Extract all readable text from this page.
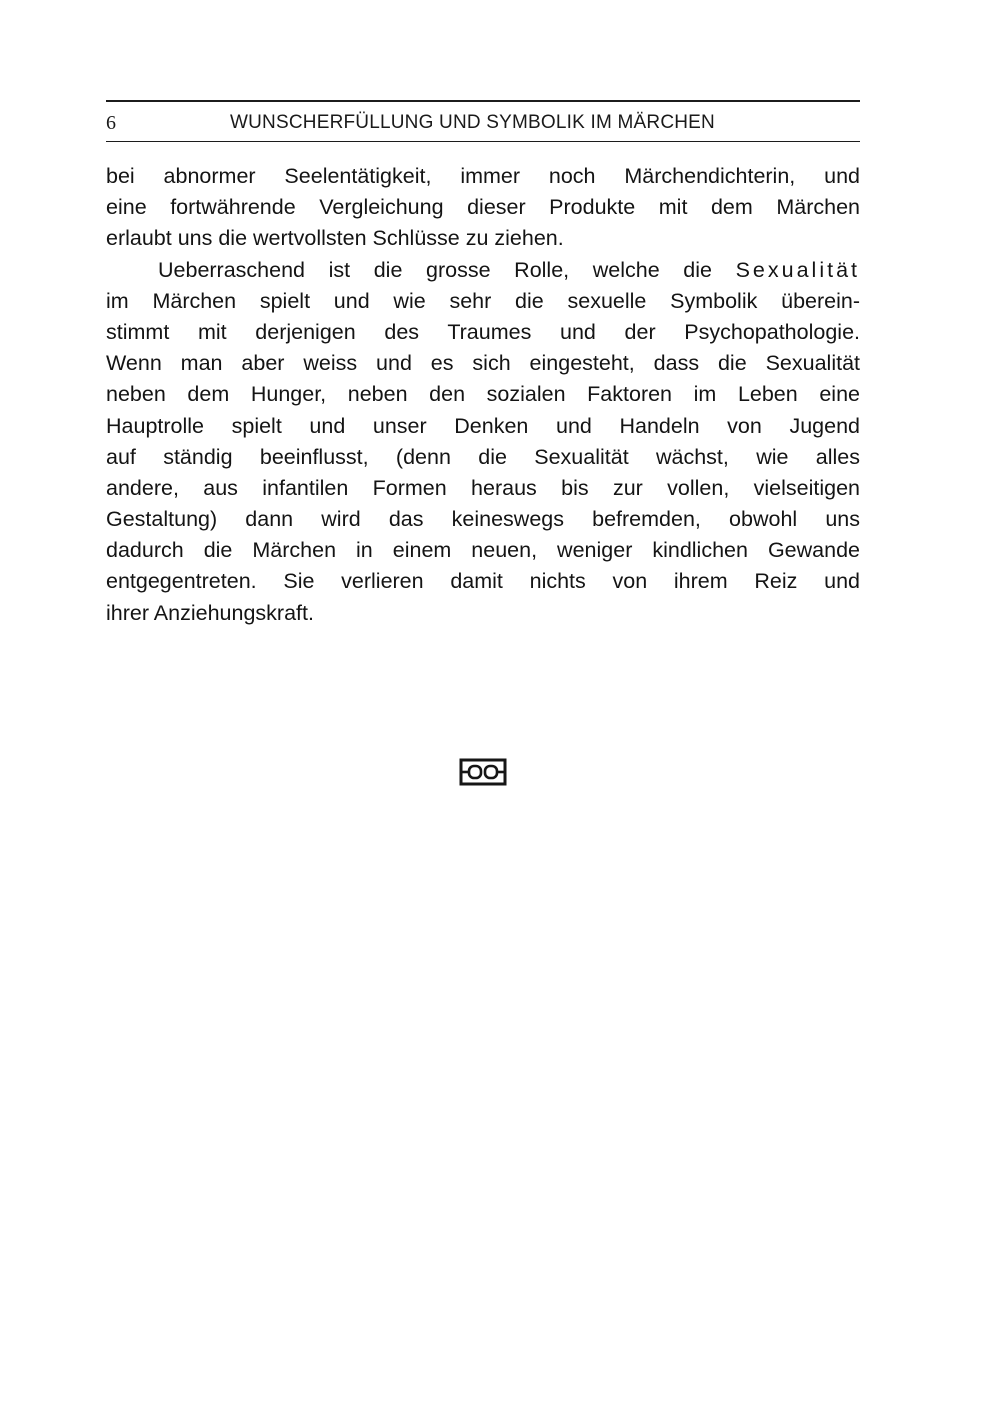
6	WUNSCHERFÜLLUNG UND SYMBOLIK IM MÄRCHEN
bei abnormer Seelentätigkeit, immer noch Märchendichterin, und
eine fortwährende Vergleichung dieser Produkte mit dem Märchen
erlaubt uns die wertvollsten Schlüsse zu ziehen.
Ueberraschend ist die grosse Rolle, welche die Sexualität
im Märchen spielt und wie sehr die sexuelle Symbolik überein-
stimmt mit derjenigen des Traumes und der Psychopathologie.
Wenn man aber weiss und es sich eingesteht, dass die Sexualität
neben dem Hunger, neben den sozialen Faktoren im Leben eine
Hauptrolle spielt und unser Denken und Handeln von Jugend
auf ständig beeinflusst, (denn die Sexualität wächst, wie alles
andere, aus infantilen Formen heraus bis zur vollen, vielseitigen
Gestaltung) dann wird das keineswegs befremden, obwohl uns
dadurch die Märchen in einem neuen, weniger kindlichen Gewande
entgegentreten. Sie verlieren damit nichts von ihrem Reiz und
ihrer Anziehungskraft.
